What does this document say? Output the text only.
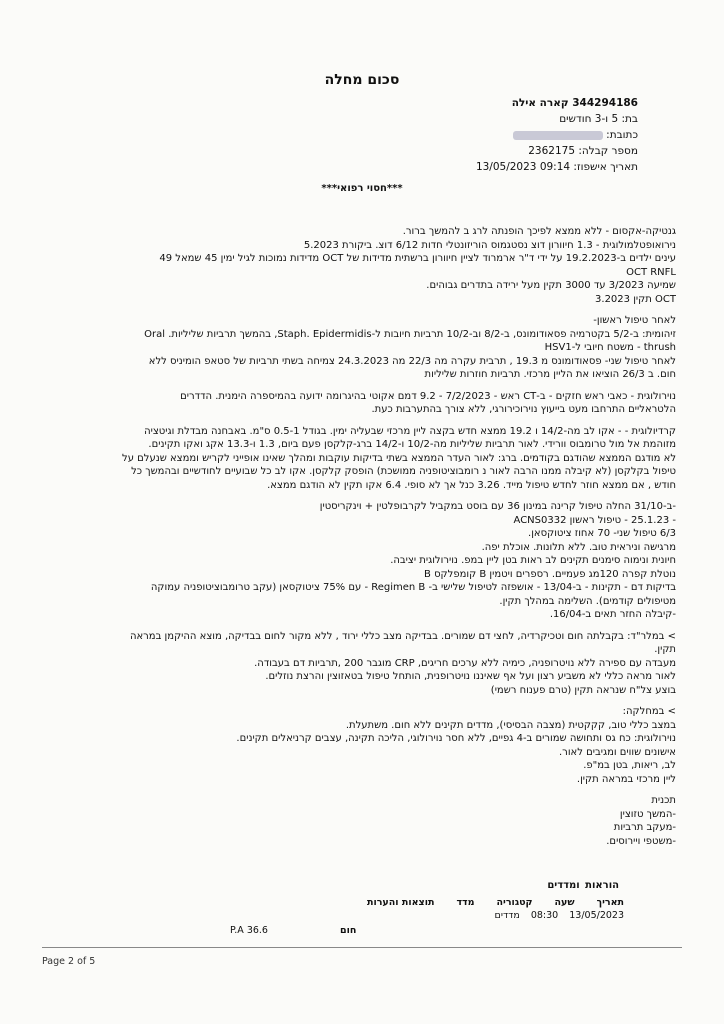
סכום מחלה
344294186 קארה אילה
בת: 5 ו-3 חודשים
כתובת:
מספר קבלה: 2362175
תאריך אישפוז: 09:14 13/05/2023
***חסוי רפואי***
גנטיקה-אקסום - ללא ממצא לפיכך הופנתה לרג ב להמשך ברור.
נירואופטלמולוגית - 1.3 חיוורון דוצ נסטגמוס הוריזונטלי חדות 6/12 דוצ. ביקורת 5.2023
עינים ילדים ב-19.2.2023 על ידי ד"ר ארמרוד לציין חיוורון ברשתית מדידות של OCT מדידות נמוכות לגיל ימין 45 שמאל 49
OCT RNFL
שמיעה 3/2023 עד 3000 תקין מעל ירידה בתדרים גבוהים.
OCT תקין 3.2023
לאחר טיפול ראשון-
זיהומית: ב-5/2 בקטרמיה פסאודומונס, ב-8/2 וב-10/2 תרביות חיובות ל-Staph. Epidermidis, בהמשך תרביות שליליות. Oral
thrush - משטח חיובי ל-HSV1
לאחר טיפול שני- פסאודומונס מ 19.3 , תרבית עקרה מה 22/3 מה 24.3.2023 צמיחה בשתי תרביות של סטאפ הומיניס ללא
חום. ב 26/3 הוציאו את הליין מרכזי. תרביות חוזרות שליליות
נוירולוגית - כאבי ראש חזקים - ב-CT ראש - 7/2/2023 - 9.2 דמם אקוטי בהיגרומה ידועה בהמיספרה הימנית. הדדרים
הלטראליים התרחבו מעט בייעוץ נוירוכירורגי, ללא צורך בהתערבות כעת.
קרדיולוגית - - אקו לב מה-14/2 ו 19.2 ממצא חדש בקצה ליין מרכזי שבעליה ימין. בגודל 0.5-1 ס"מ. באבחנה מבדלת וגיטציה
מזוהמת אל מול טרומבוס וורידי. לאור תרביות שליליות מה-10/2 ו-14/2 ברג-קלקסן פעם ביום, 1.3 ו-13.3 אקג ואקו תקינים.
לא מודגם הממצא שהודגם בקודמים. ברג: לאור העדר הממצא בשתי בדיקות עוקבות ומהלך שאינו אופייני לקריש וממצא שנעלם על
טיפול בקלקסן (לא קיבלה ממנו הרבה לאור נ רומבוציטופניה ממושכת) הופסק קלקסן. אקו לב כל שבועיים לחודשיים ובהמשך כל
חודש , אם ממצא חוזר לחדש טיפול מייד. 3.26 כנל אך לא סופי. 6.4 אקו תקין לא הודגם ממצא.
-ב-31/10 החלה טיפול קרינה במינון 36 עם בוסט במקביל לקרבופלטין + וינקריסטין
- 25.1.23 - טיפול ראשון ACNS0332
6/3 טיפול שני- 70 אחוז ציטוקסאן.
מרגישה וניראית טוב. ללא תלונות. אוכלת יפה.
חיונית ונימוה סימנים תקינים לב ראות בטן ליין במפ. נוירולוגית יציבה.
נוטלת קפרה 120מג פעמיים. רספרים ויטמין B קומפלקס B
בדיקות דם - תקינות - ב-13/04 - אושפזה לטיפול שלישי ב- Regimen B - עם 75% ציטוקסאן (עקב טרומבוציטופניה עמוקה
מטיפולים קודמים). השלימה במהלך תקין.
-קיבלה החזר תאים ב-16/04.
> במלר"ד: בקבלתה חום וטכיקרדיה, לחצי דם שמורים. בבדיקה מצב כללי ירוד , ללא מקור לחום בבדיקה, מוצא ההיקמן במראה
תקין.
מעבדה עם ספירה ללא נויטרופניה, כימיה ללא ערכים חריגים, CRP מוגבר 200 ,תרביות דם בעבודה.
לאור מראה כללי לא משביע רצון ועל אף שאיננו נויטרופנית, הותחל טיפול בטאזוצין והרצת נוזלים.
בוצע צל"ח שנראה תקין (טרם פענוח רשמי)
> במחלקה:
במצב כללי טוב, קקקטית (מצבה הבסיסי), מדדים תקינים ללא חום. משתעלת.
נוירולוגית: כח גס ותחושה שמורים ב-4 גפיים, ללא חסר נוירולוגי, הליכה תקינה, עצבים קרניאלים תקינים.
אישונים שווים ומגיבים לאור.
לב, ריאות, בטן במ"פ.
ליין מרכזי במראה תקין.
תכנית
-המשך טזוצין
-מעקב תרביות
-משטפי ויירוסים.
הוראות ומדדים
תאריך
שעה
קטגוריה
מדד
תוצאות והערות
13/05/2023 08:30 מדדים
חום
36.6 P.A
Page 2 of 5
